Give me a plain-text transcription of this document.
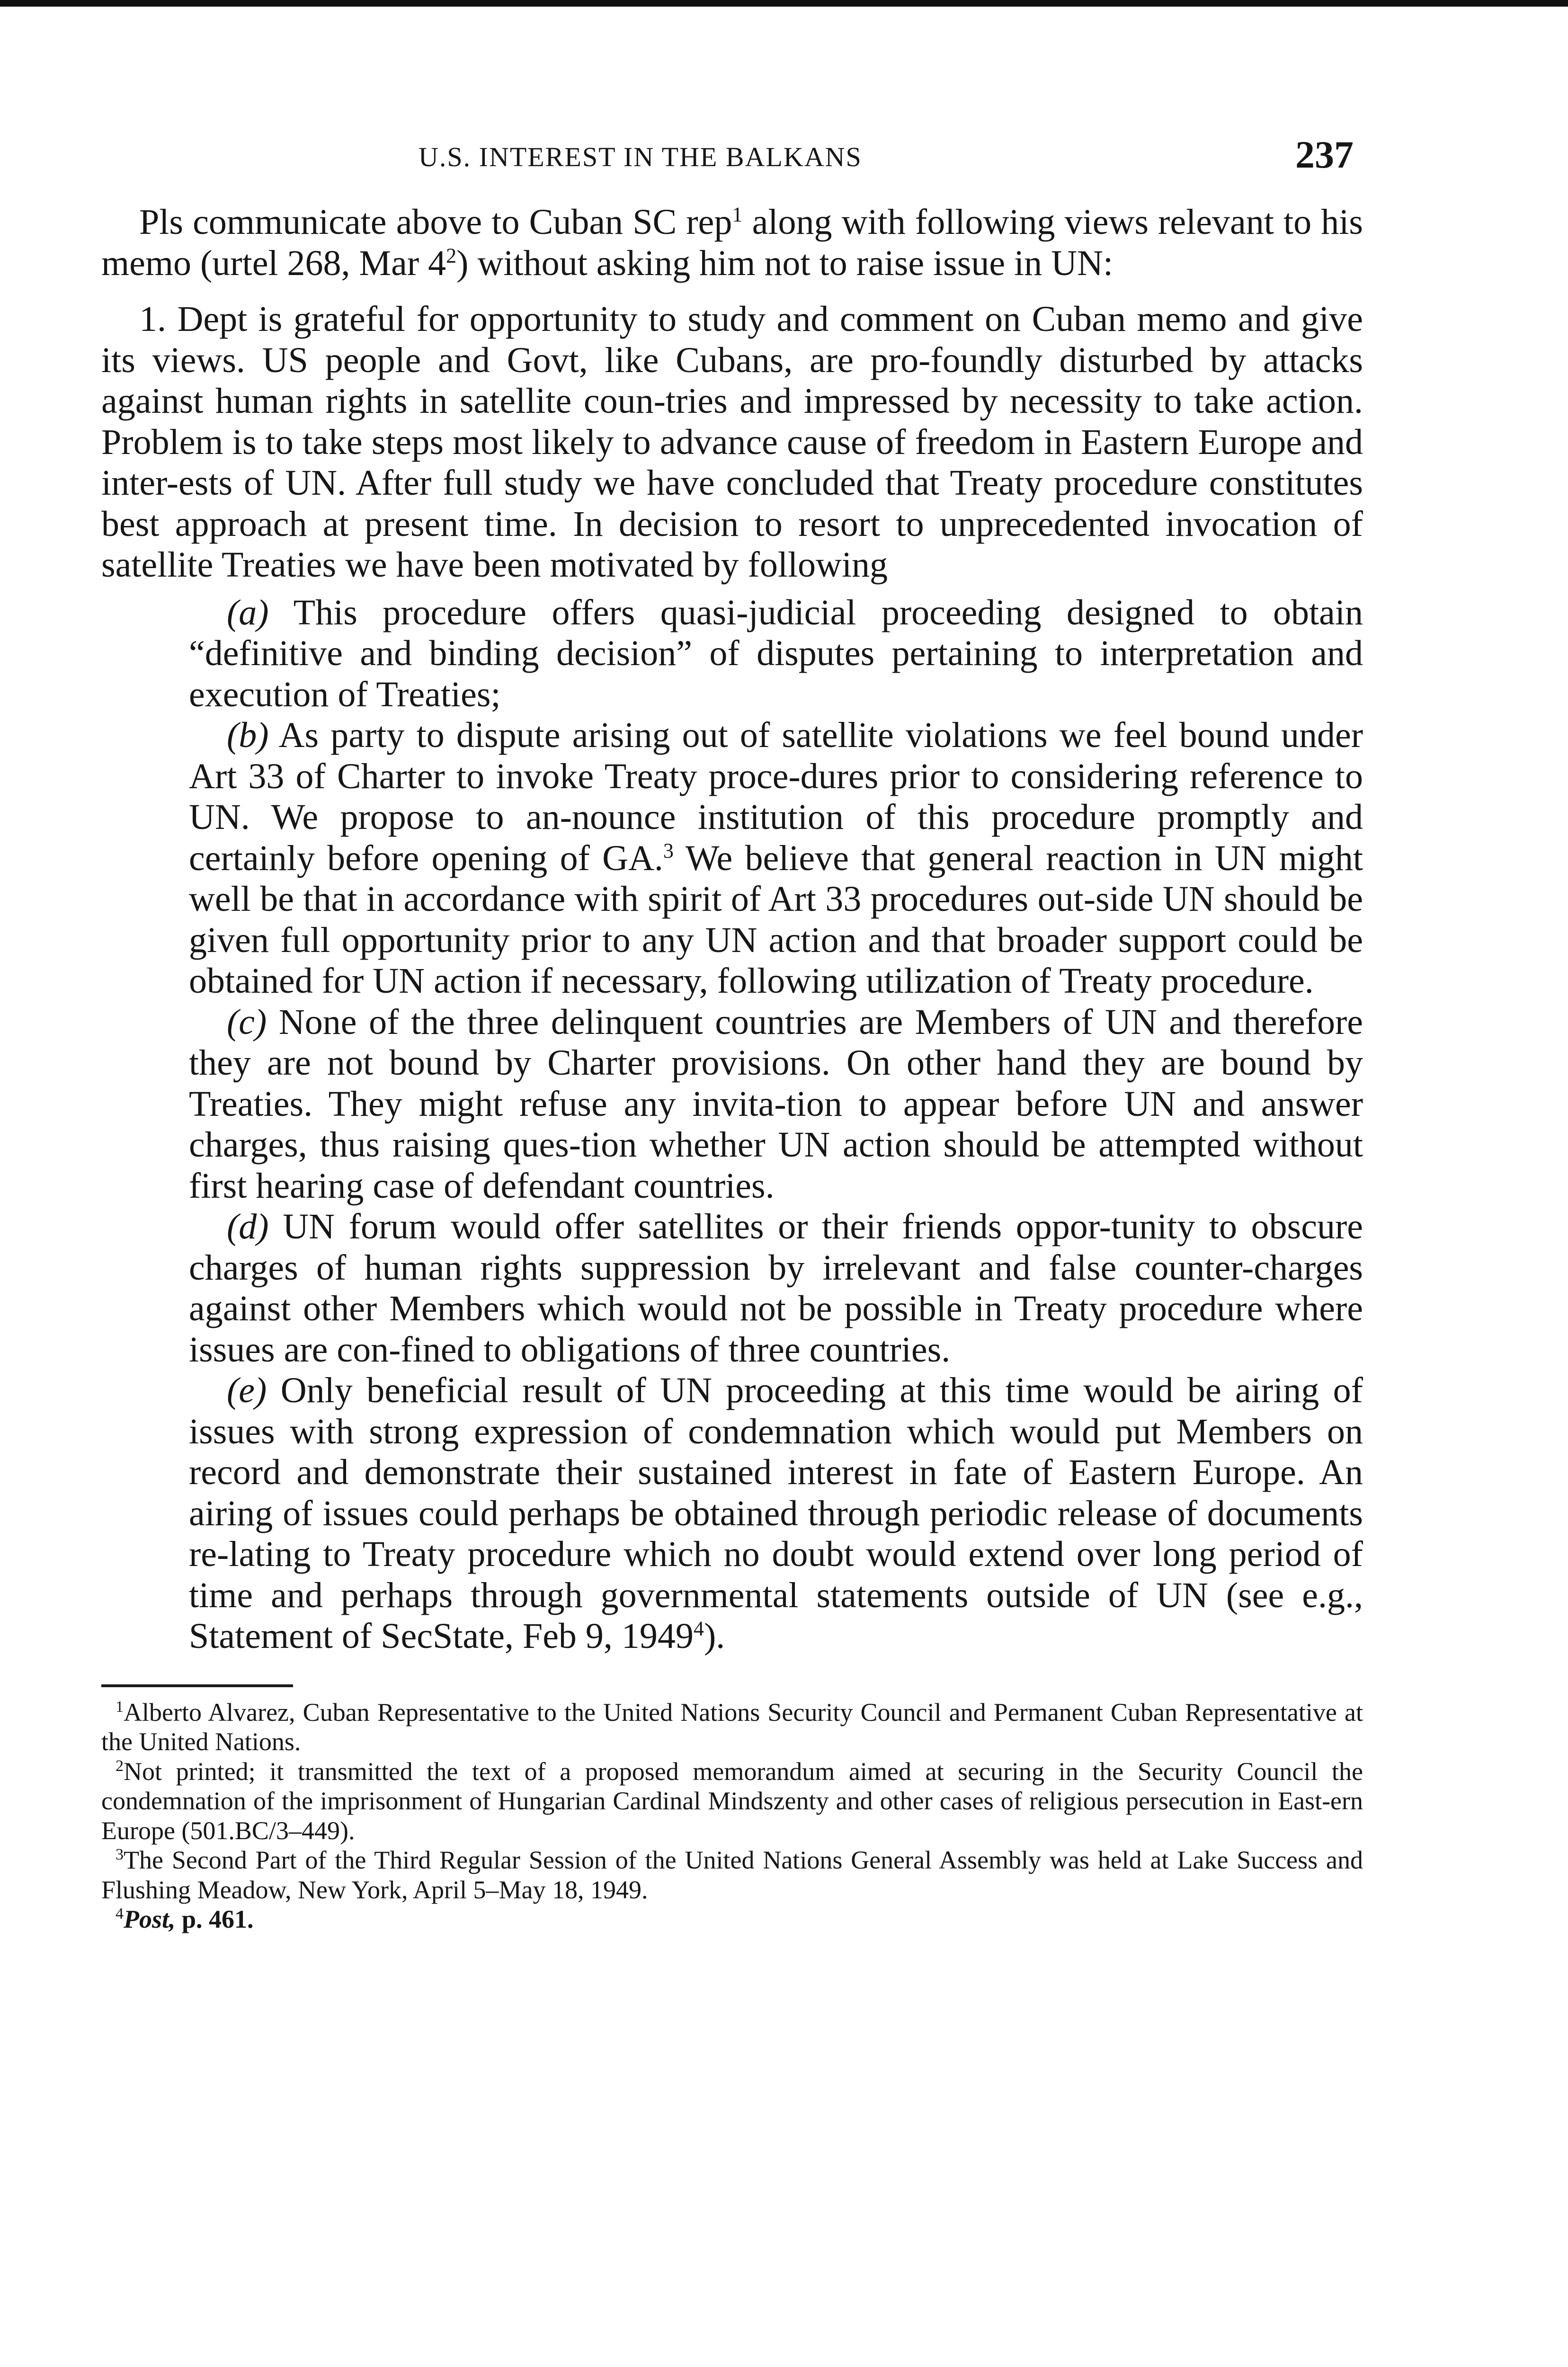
U.S. INTEREST IN THE BALKANS	237

Pls communicate above to Cuban SC rep$^1$ along with following views relevant to his memo (urtel 268, Mar $4^2$) without asking him not to raise issue in UN:

1. Dept is grateful for opportunity to study and comment on Cuban memo and give its views. US people and Govt, like Cubans, are pro-foundly disturbed by attacks against human rights in satellite coun-tries and impressed by necessity to take action. Problem is to take steps most likely to advance cause of freedom in Eastern Europe and inter-ests of UN. After full study we have concluded that Treaty procedure constitutes best approach at present time. In decision to resort to unprecedented invocation of satellite Treaties we have been motivated by following

(a) This procedure offers quasi-judicial proceeding designed to obtain “definitive and binding decision” of disputes pertaining to interpretation and execution of Treaties;

(b) As party to dispute arising out of satellite violations we feel bound under Art 33 of Charter to invoke Treaty proce-dures prior to considering reference to UN. We propose to an-nounce institution of this procedure promptly and certainly before opening of GA.$^3$ We believe that general reaction in UN might well be that in accordance with spirit of Art 33 procedures out-side UN should be given full opportunity prior to any UN action and that broader support could be obtained for UN action if necessary, following utilization of Treaty procedure.

(c) None of the three delinquent countries are Members of UN and therefore they are not bound by Charter provisions. On other hand they are bound by Treaties. They might refuse any invita-tion to appear before UN and answer charges, thus raising ques-tion whether UN action should be attempted without first hearing case of defendant countries.

(d) UN forum would offer satellites or their friends oppor-tunity to obscure charges of human rights suppression by irrelevant and false counter-charges against other Members which would not be possible in Treaty procedure where issues are con-fined to obligations of three countries.

(e) Only beneficial result of UN proceeding at this time would be airing of issues with strong expression of condemnation which would put Members on record and demonstrate their sustained interest in fate of Eastern Europe. An airing of issues could perhaps be obtained through periodic release of documents re-lating to Treaty procedure which no doubt would extend over long period of time and perhaps through governmental statements outside of UN (see e.g., Statement of SecState, Feb 9, 1949$^4$).

$^1$Alberto Alvarez, Cuban Representative to the United Nations Security Council and Permanent Cuban Representative at the United Nations.

$^2$Not printed; it transmitted the text of a proposed memorandum aimed at securing in the Security Council the condemnation of the imprisonment of Hungarian Cardinal Mindszenty and other cases of religious persecution in East-ern Europe (501.BC/3–449).

$^3$The Second Part of the Third Regular Session of the United Nations General Assembly was held at Lake Success and Flushing Meadow, New York, April 5–May 18, 1949.

$^4$Post, p. 461.
